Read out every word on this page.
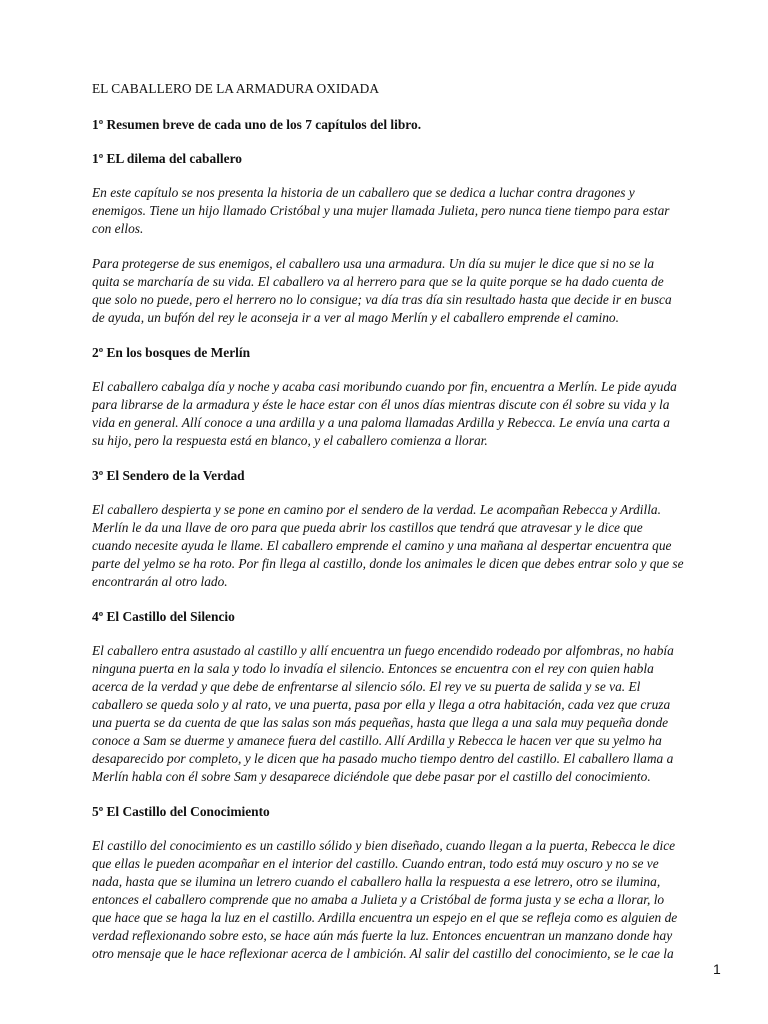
EL CABALLERO DE LA ARMADURA OXIDADA
1º Resumen breve de cada uno de los 7 capítulos del libro.
1º EL dilema del caballero
En este capítulo se nos presenta la historia de un caballero que se dedica a luchar contra dragones y
enemigos. Tiene un hijo llamado Cristóbal y una mujer llamada Julieta, pero nunca tiene tiempo para estar
con ellos.
Para protegerse de sus enemigos, el caballero usa una armadura. Un día su mujer le dice que si no se la
quita se marcharía de su vida. El caballero va al herrero para que se la quite porque se ha dado cuenta de
que solo no puede, pero el herrero no lo consigue; va día tras día sin resultado hasta que decide ir en busca
de ayuda, un bufón del rey le aconseja ir a ver al mago Merlín y el caballero emprende el camino.
2º En los bosques de Merlín
El caballero cabalga día y noche y acaba casi moribundo cuando por fin, encuentra a Merlín. Le pide ayuda
para librarse de la armadura y éste le hace estar con él unos días mientras discute con él sobre su vida y la
vida en general. Allí conoce a una ardilla y a una paloma llamadas Ardilla y Rebecca. Le envía una carta a
su hijo, pero la respuesta está en blanco, y el caballero comienza a llorar.
3º El Sendero de la Verdad
El caballero despierta y se pone en camino por el sendero de la verdad. Le acompañan Rebecca y Ardilla.
Merlín le da una llave de oro para que pueda abrir los castillos que tendrá que atravesar y le dice que
cuando necesite ayuda le llame. El caballero emprende el camino y una mañana al despertar encuentra que
parte del yelmo se ha roto. Por fin llega al castillo, donde los animales le dicen que debes entrar solo y que se
encontrarán al otro lado.
4º El Castillo del Silencio
El caballero entra asustado al castillo y allí encuentra un fuego encendido rodeado por alfombras, no había
ninguna puerta en la sala y todo lo invadía el silencio. Entonces se encuentra con el rey con quien habla
acerca de la verdad y que debe de enfrentarse al silencio sólo. El rey ve su puerta de salida y se va. El
caballero se queda solo y al rato, ve una puerta, pasa por ella y llega a otra habitación, cada vez que cruza
una puerta se da cuenta de que las salas son más pequeñas, hasta que llega a una sala muy pequeña donde
conoce a Sam se duerme y amanece fuera del castillo. Allí Ardilla y Rebecca le hacen ver que su yelmo ha
desaparecido por completo, y le dicen que ha pasado mucho tiempo dentro del castillo. El caballero llama a
Merlín habla con él sobre Sam y desaparece diciéndole que debe pasar por el castillo del conocimiento.
5º El Castillo del Conocimiento
El castillo del conocimiento es un castillo sólido y bien diseñado, cuando llegan a la puerta, Rebecca le dice
que ellas le pueden acompañar en el interior del castillo. Cuando entran, todo está muy oscuro y no se ve
nada, hasta que se ilumina un letrero cuando el caballero halla la respuesta a ese letrero, otro se ilumina,
entonces el caballero comprende que no amaba a Julieta y a Cristóbal de forma justa y se echa a llorar, lo
que hace que se haga la luz en el castillo. Ardilla encuentra un espejo en el que se refleja como es alguien de
verdad reflexionando sobre esto, se hace aún más fuerte la luz. Entonces encuentran un manzano donde hay
otro mensaje que le hace reflexionar acerca de l ambición. Al salir del castillo del conocimiento, se le cae la
1
